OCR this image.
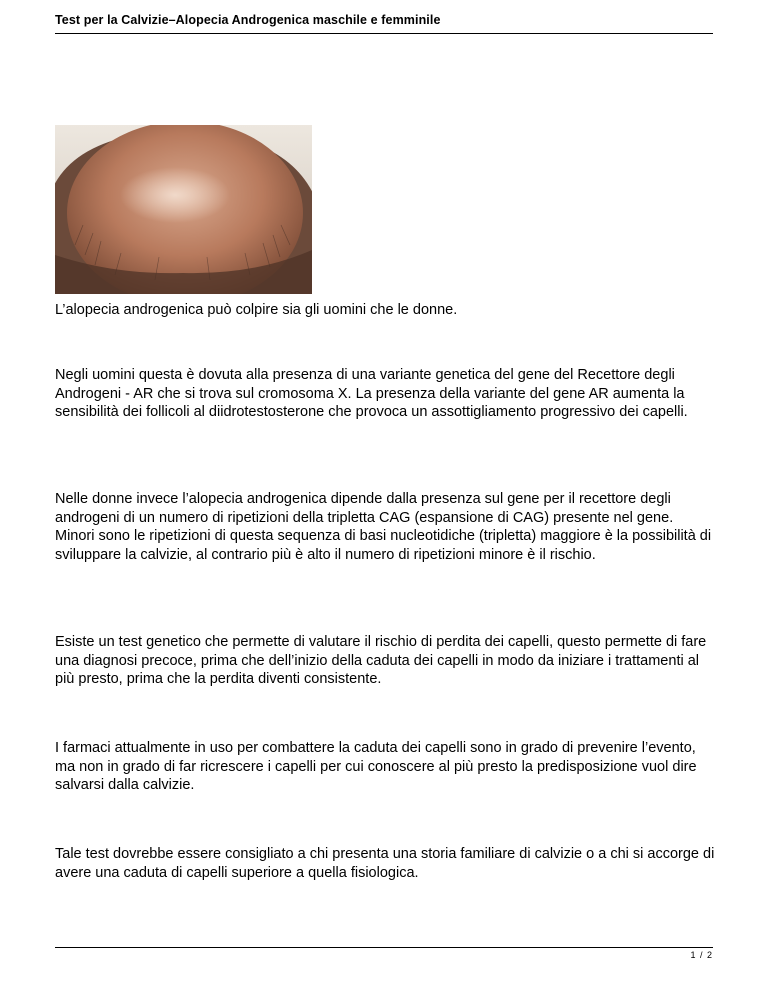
Test per la Calvizie–Alopecia Androgenica maschile e femminile

L’alopecia androgenica può colpire sia gli uomini che le donne.

Negli uomini questa è dovuta alla presenza di una variante genetica del gene del Recettore degli Androgeni - AR che si trova sul cromosoma X. La presenza della variante del gene AR aumenta la sensibilità dei follicoli al diidrotestosterone che provoca un assottigliamento progressivo dei capelli.

Nelle donne invece l’alopecia androgenica dipende dalla presenza sul gene per il recettore degli androgeni di un numero di ripetizioni della tripletta CAG (espansione di CAG) presente nel gene. Minori sono le ripetizioni di questa sequenza di basi nucleotidiche (tripletta) maggiore è la possibilità di sviluppare la calvizie, al contrario più è alto il numero di ripetizioni minore è il rischio.

Esiste un test genetico che permette di valutare il rischio di perdita dei capelli, questo permette di fare una diagnosi precoce, prima che dell’inizio della caduta dei capelli in modo da iniziare i trattamenti al più presto, prima che la perdita diventi consistente.

I farmaci attualmente in uso per combattere la caduta dei capelli sono in grado di prevenire l’evento, ma non in grado di far ricrescere i capelli per cui conoscere al più presto la predisposizione vuol dire salvarsi dalla calvizie.

Tale test dovrebbe essere consigliato a chi presenta una storia familiare di calvizie o a chi si accorge di avere una caduta di capelli superiore a quella fisiologica.

1 / 2
